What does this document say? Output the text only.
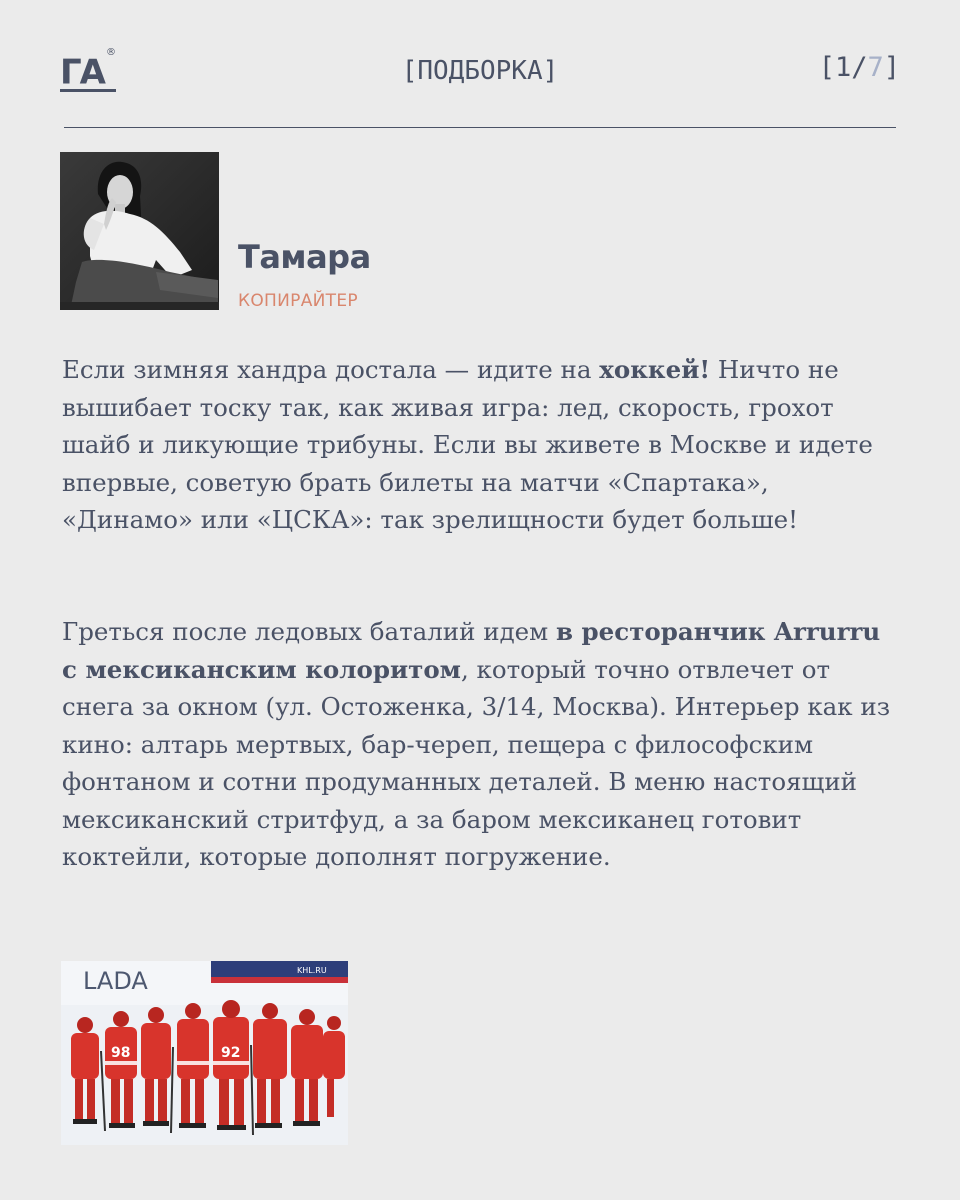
ГА ®
[ПОДБОРКА]	[1/7]
Тамара
КОПИРАЙТЕР

Если зимняя хандра достала — идите на хоккей! Ничто не вышибает тоску так, как живая игра: лед, скорость, грохот шайб и ликующие трибуны. Если вы живете в Москве и идете впервые, советую брать билеты на матчи «Спартака», «Динамо» или «ЦСКА»: так зрелищности будет больше!

Греться после ледовых баталий идем в ресторанчик Arrurru с мексиканским колоритом, который точно отвлечет от снега за окном (ул. Остоженка, 3/14, Москва). Интерьер как из кино: алтарь мертвых, бар-череп, пещера с философским фонтаном и сотни продуманных деталей. В меню настоящий мексиканский стритфуд, а за баром мексиканец готовит коктейли, которые дополнят погружение.

LADA	KHL.RU
98	92
